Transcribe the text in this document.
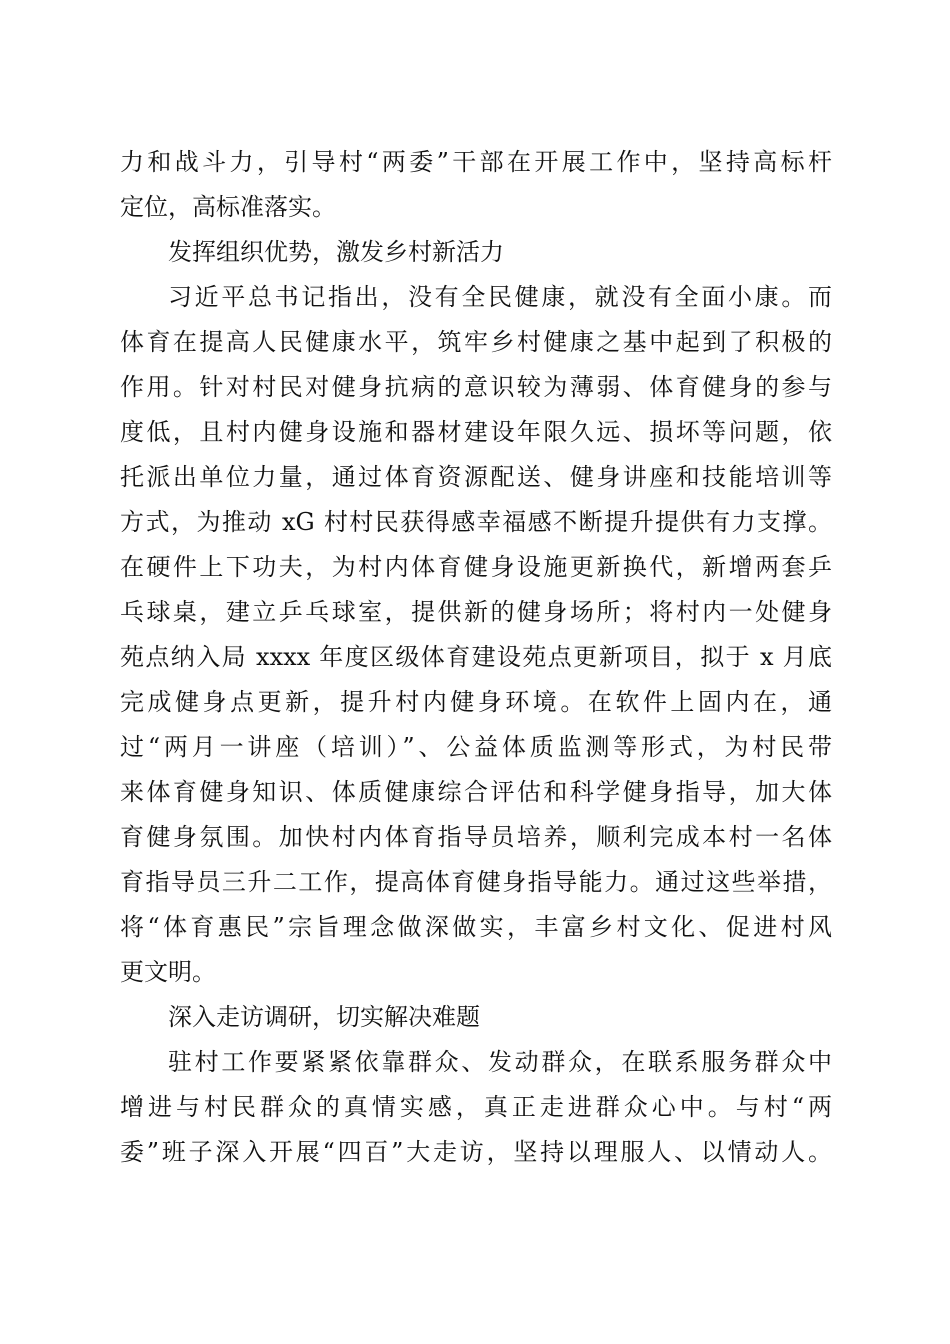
力和战斗力，引导村“两委”干部在开展工作中，坚持高标杆
定位，高标准落实。
发挥组织优势，激发乡村新活力
习近平总书记指出，没有全民健康，就没有全面小康。而
体育在提高人民健康水平，筑牢乡村健康之基中起到了积极的
作用。针对村民对健身抗病的意识较为薄弱、体育健身的参与
度低，且村内健身设施和器材建设年限久远、损坏等问题，依
托派出单位力量，通过体育资源配送、健身讲座和技能培训等
方式，为推动 xG 村村民获得感幸福感不断提升提供有力支撑。
在硬件上下功夫，为村内体育健身设施更新换代，新增两套乒
乓球桌，建立乒乓球室，提供新的健身场所；将村内一处健身
苑点纳入局 xxxx 年度区级体育建设苑点更新项目，拟于 x 月底
完成健身点更新，提升村内健身环境。在软件上固内在，通
过“两月一讲座（培训）”、公益体质监测等形式，为村民带
来体育健身知识、体质健康综合评估和科学健身指导，加大体
育健身氛围。加快村内体育指导员培养，顺利完成本村一名体
育指导员三升二工作，提高体育健身指导能力。通过这些举措，
将“体育惠民”宗旨理念做深做实，丰富乡村文化、促进村风
更文明。
深入走访调研，切实解决难题
驻村工作要紧紧依靠群众、发动群众，在联系服务群众中
增进与村民群众的真情实感，真正走进群众心中。与村“两
委”班子深入开展“四百”大走访，坚持以理服人、以情动人。
